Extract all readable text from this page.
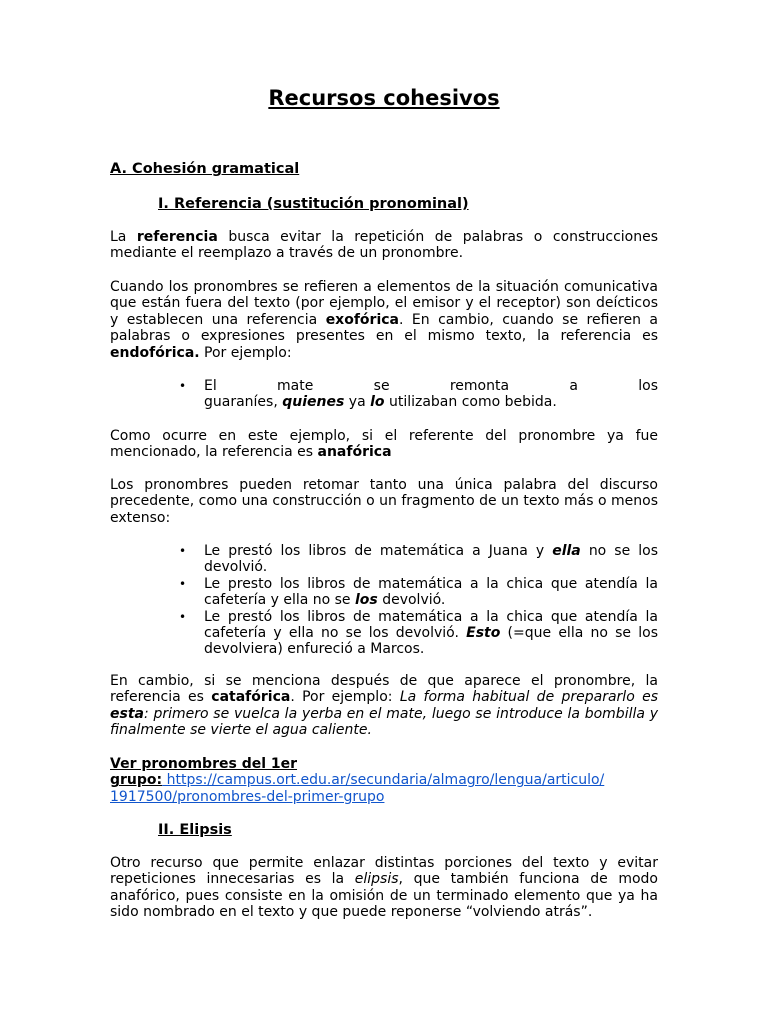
Recursos cohesivos
A. Cohesión gramatical
I. Referencia (sustitución pronominal)

La referencia busca evitar la repetición de palabras o construcciones mediante el reemplazo a través de un pronombre.

Cuando los pronombres se refieren a elementos de la situación comunicativa que están fuera del texto (por ejemplo, el emisor y el receptor) son deícticos y establecen una referencia exofórica. En cambio, cuando se refieren a palabras o expresiones presentes en el mismo texto, la referencia es endofórica. Por ejemplo:

• El mate se remonta a los
guaraníes, quienes ya lo utilizaban como bebida.

Como ocurre en este ejemplo, si el referente del pronombre ya fue mencionado, la referencia es anafórica

Los pronombres pueden retomar tanto una única palabra del discurso precedente, como una construcción o un fragmento de un texto más o menos extenso:

• Le prestó los libros de matemática a Juana y ella no se los devolvió.
• Le presto los libros de matemática a la chica que atendía la cafetería y ella no se los devolvió.
• Le prestó los libros de matemática a la chica que atendía la cafetería y ella no se los devolvió. Esto (=que ella no se los devolviera) enfureció a Marcos.

En cambio, si se menciona después de que aparece el pronombre, la referencia es catafórica. Por ejemplo: La forma habitual de prepararlo es esta: primero se vuelca la yerba en el mate, luego se introduce la bombilla y finalmente se vierte el agua caliente.

Ver pronombres del 1er
grupo: https://campus.ort.edu.ar/secundaria/almagro/lengua/articulo/
1917500/pronombres-del-primer-grupo

II. Elipsis

Otro recurso que permite enlazar distintas porciones del texto y evitar repeticiones innecesarias es la elipsis, que también funciona de modo anafórico, pues consiste en la omisión de un terminado elemento que ya ha sido nombrado en el texto y que puede reponerse “volviendo atrás”.
